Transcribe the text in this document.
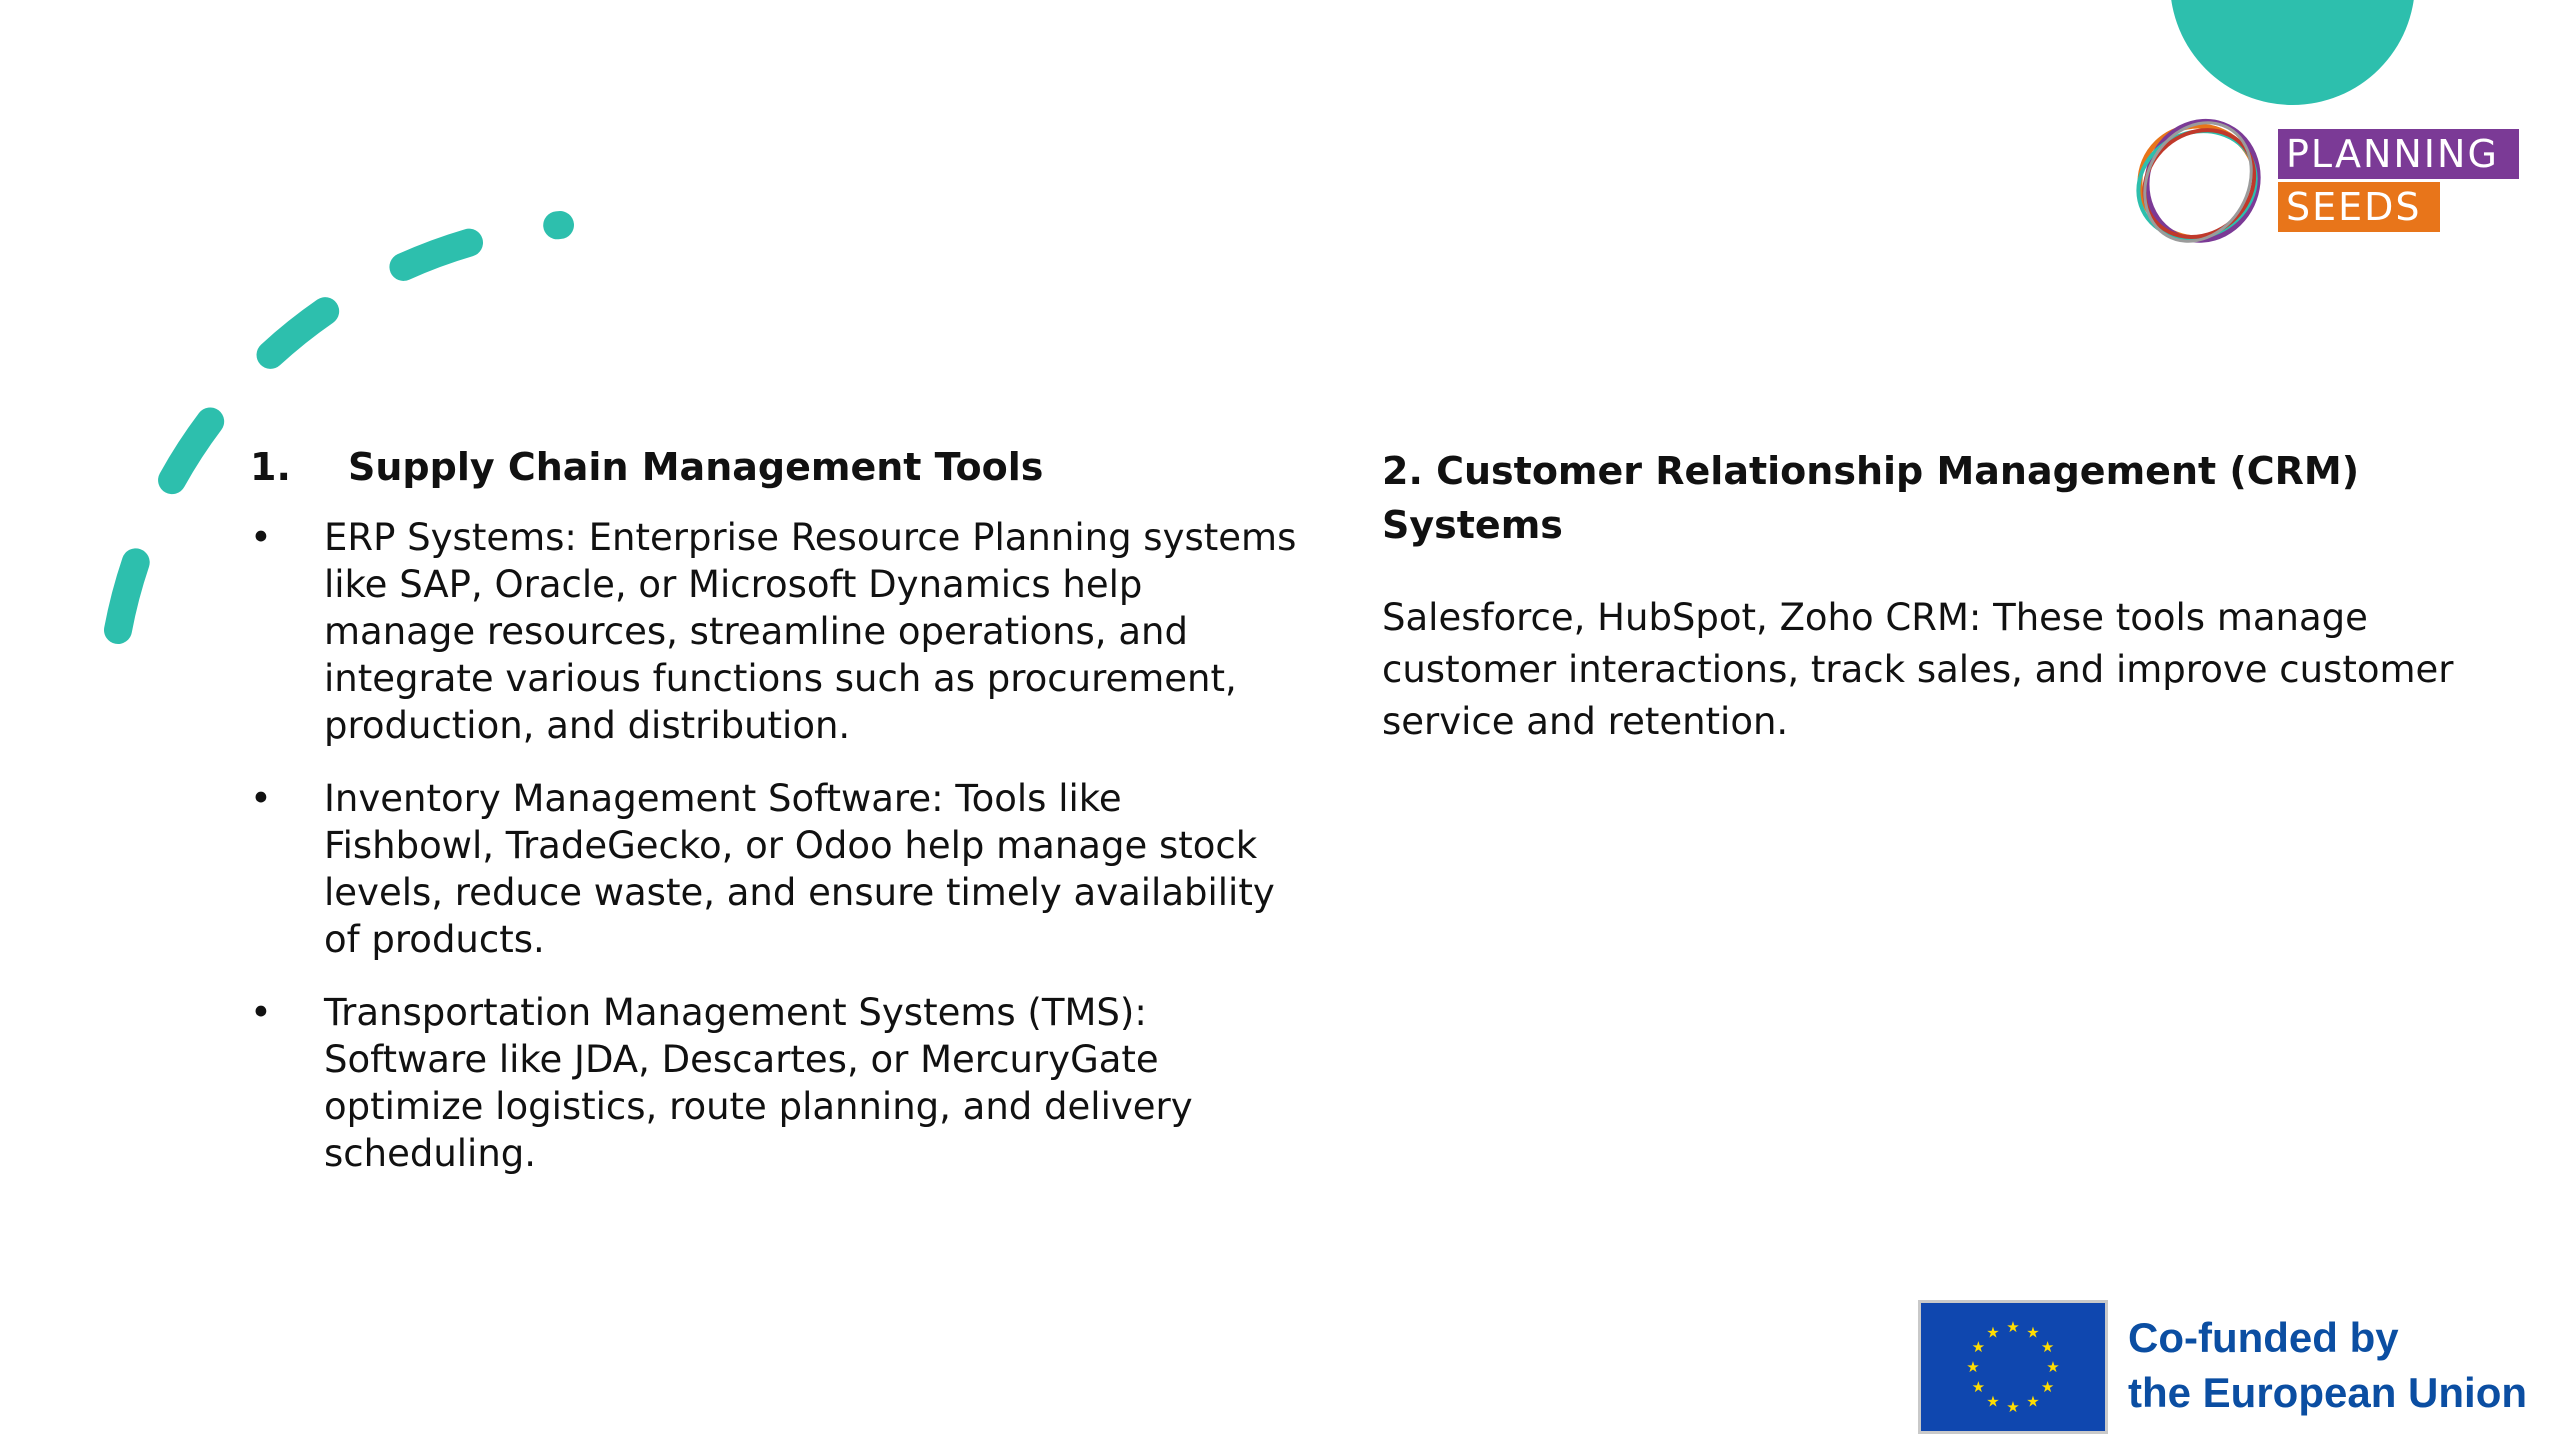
PLANNING
SEEDS
1. Supply Chain Management Tools
• ERP Systems: Enterprise Resource Planning systems like SAP, Oracle, or Microsoft Dynamics help manage resources, streamline operations, and integrate various functions such as procurement, production, and distribution.
• Inventory Management Software: Tools like Fishbowl, TradeGecko, or Odoo help manage stock levels, reduce waste, and ensure timely availability of products.
• Transportation Management Systems (TMS): Software like JDA, Descartes, or MercuryGate optimize logistics, route planning, and delivery scheduling.
2. Customer Relationship Management (CRM) Systems

Salesforce, HubSpot, Zoho CRM: These tools manage customer interactions, track sales, and improve customer service and retention.

★ ★
★
★
★
★
★
★
★
★
★
★	Co-funded by
the European Union
